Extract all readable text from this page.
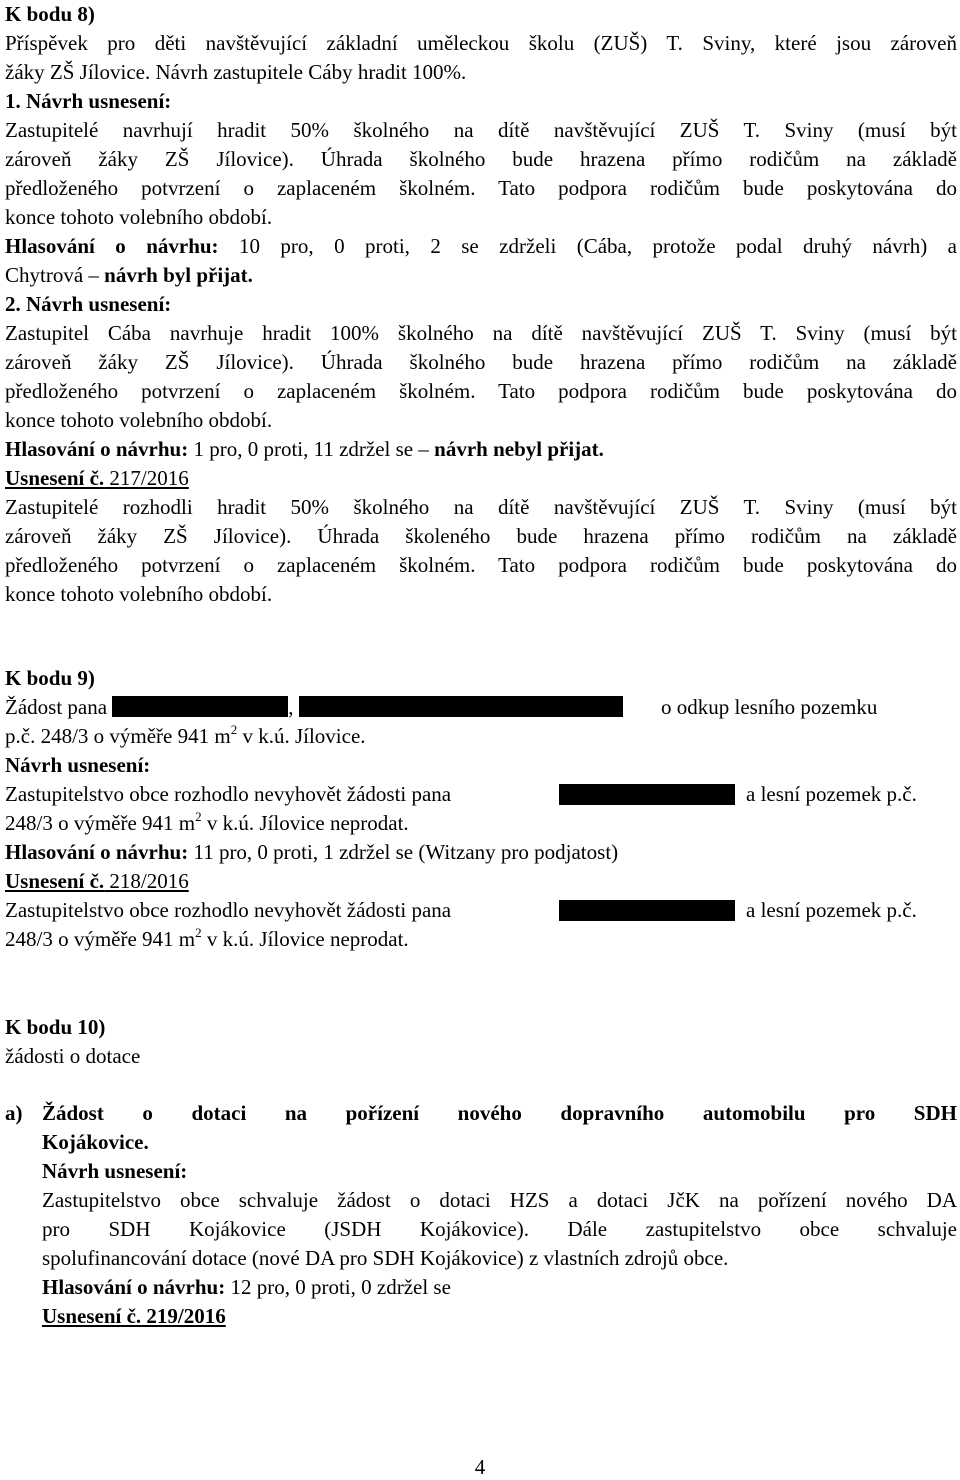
K bodu 8)
Příspěvek pro děti navštěvující základní uměleckou školu (ZUŠ) T. Sviny, které jsou zároveň
žáky ZŠ Jílovice. Návrh zastupitele Cáby hradit 100%.
1. Návrh usnesení:
Zastupitelé navrhují hradit 50% školného na dítě navštěvující ZUŠ T. Sviny (musí být
zároveň žáky ZŠ Jílovice). Úhrada školného bude hrazena přímo rodičům na základě
předloženého potvrzení o zaplaceném školném. Tato podpora rodičům bude poskytována do
konce tohoto volebního období.
Hlasování o návrhu: 10 pro, 0 proti, 2 se zdrželi (Cába, protože podal druhý návrh) a
Chytrová – návrh byl přijat.
2. Návrh usnesení:
Zastupitel Cába navrhuje hradit 100% školného na dítě navštěvující ZUŠ T. Sviny (musí být
zároveň žáky ZŠ Jílovice). Úhrada školného bude hrazena přímo rodičům na základě
předloženého potvrzení o zaplaceném školném. Tato podpora rodičům bude poskytována do
konce tohoto volebního období.
Hlasování o návrhu: 1 pro, 0 proti, 11 zdržel se – návrh nebyl přijat.
Usnesení č. 217/2016
Zastupitelé rozhodli hradit 50% školného na dítě navštěvující ZUŠ T. Sviny (musí být
zároveň žáky ZŠ Jílovice). Úhrada školeného bude hrazena přímo rodičům na základě
předloženého potvrzení o zaplaceném školném. Tato podpora rodičům bude poskytována do
konce tohoto volebního období.
K bodu 9)
Žádost pana	,	o odkup lesního pozemku
p.č. 248/3 o výměře 941 $m^2$ v k.ú. Jílovice.
Návrh usnesení:
Zastupitelstvo obce rozhodlo nevyhovět žádosti pana	a lesní pozemek p.č.
248/3 o výměře 941 $m^2$ v k.ú. Jílovice neprodat.
Hlasování o návrhu: 11 pro, 0 proti, 1 zdržel se (Witzany pro podjatost)
Usnesení č. 218/2016
Zastupitelstvo obce rozhodlo nevyhovět žádosti pana	a lesní pozemek p.č.
248/3 o výměře 941 $m^2$ v k.ú. Jílovice neprodat.
K bodu 10)
žádosti o dotace
a) Žádost o dotaci na pořízení nového dopravního automobilu pro SDH
Kojákovice.
Návrh usnesení:
Zastupitelstvo obce schvaluje žádost o dotaci HZS a dotaci JčK na pořízení nového DA
pro SDH Kojákovice (JSDH Kojákovice). Dále zastupitelstvo obce schvaluje
spolufinancování dotace (nové DA pro SDH Kojákovice) z vlastních zdrojů obce.
Hlasování o návrhu: 12 pro, 0 proti, 0 zdržel se
Usnesení č. 219/2016
4
